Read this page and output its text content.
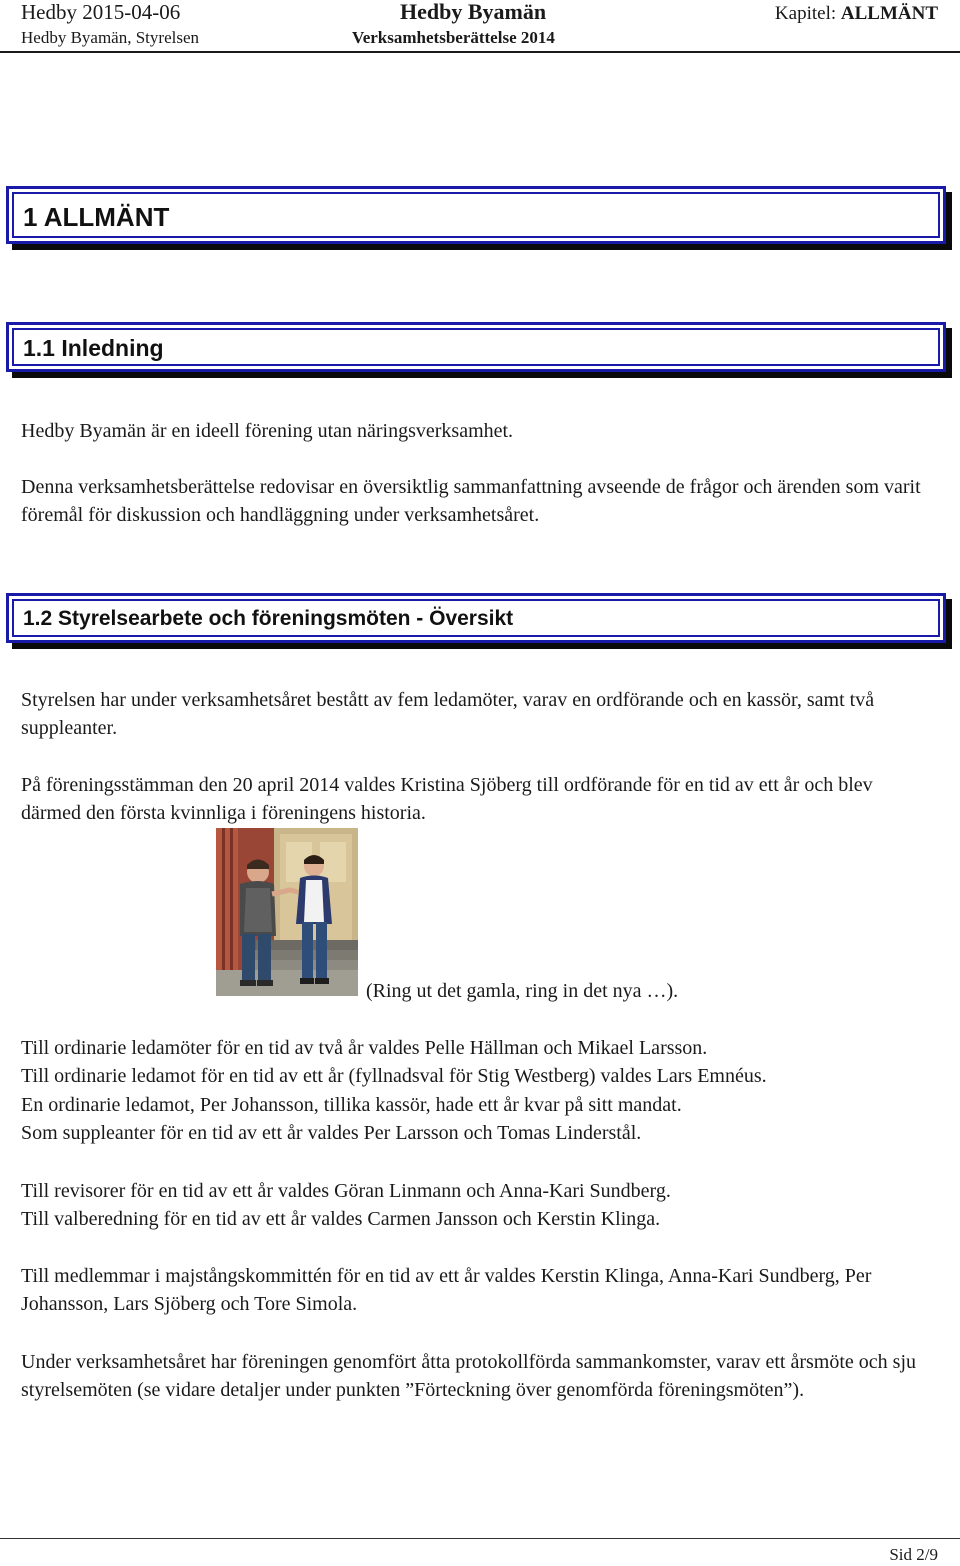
Hedby 2015-04-06
Hedby Byamän, Styrelsen
Hedby Byamän
Verksamhetsberättelse 2014
Kapitel: ALLMÄNT
1 ALLMÄNT
1.1 Inledning
Hedby Byamän är en ideell förening utan näringsverksamhet.
Denna verksamhetsberättelse redovisar en översiktlig sammanfattning avseende de frågor och ärenden som varit föremål för diskussion och handläggning under verksamhetsåret.
1.2 Styrelsearbete och föreningsmöten - Översikt
Styrelsen har under verksamhetsåret bestått av fem ledamöter, varav en ordförande och en kassör, samt två suppleanter.
På föreningsstämman den 20 april 2014 valdes Kristina Sjöberg till ordförande för en tid av ett år och blev därmed den första kvinnliga i föreningens historia.
(Ring ut det gamla, ring in det nya …).
Till ordinarie ledamöter för en tid av två år valdes Pelle Hällman och Mikael Larsson.
Till ordinarie ledamot för en tid av ett år (fyllnadsval för Stig Westberg) valdes Lars Emnéus.
En ordinarie ledamot, Per Johansson, tillika kassör, hade ett år kvar på sitt mandat.
Som suppleanter för en tid av ett år valdes Per Larsson och Tomas Linderstål.
Till revisorer för en tid av ett år valdes Göran Linmann och Anna-Kari Sundberg.
Till valberedning för en tid av ett år valdes Carmen Jansson och Kerstin Klinga.
Till medlemmar i majstångskommittén för en tid av ett år valdes Kerstin Klinga, Anna-Kari Sundberg, Per Johansson, Lars Sjöberg och Tore Simola.
Under verksamhetsåret har föreningen genomfört åtta protokollförda sammankomster, varav ett årsmöte och sju styrelsemöten (se vidare detaljer under punkten ”Förteckning över genomförda föreningsmöten”).
Sid 2/9
